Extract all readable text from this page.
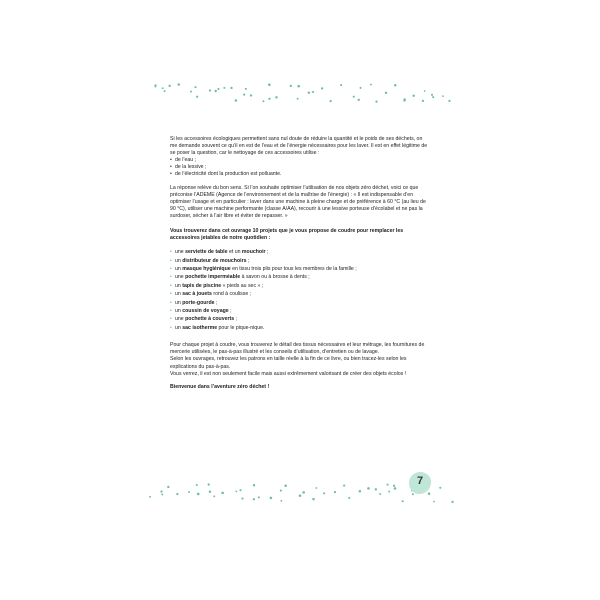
Si les accessoires écologiques permettent sans nul doute de réduire la quantité et le poids de ses déchets, on me demande souvent ce qu’il en est de l’eau et de l’énergie nécessaires pour les laver. Il est en effet légitime de se poser la question, car le nettoyage de ces accessoires utilise :

• de l’eau ;
• de la lessive ;
• de l’électricité dont la production est polluante.

La réponse relève du bon sens. Si l’on souhaite optimiser l’utilisation de nos objets zéro déchet, voici ce que préconise l’ADEME (Agence de l’environnement et de la maîtrise de l’énergie) : « Il est indispensable d’en optimiser l’usage et en particulier : laver dans une machine à pleine charge et de préférence à 60 °C (au lieu de 90 °C), utiliser une machine performante (classe A/AA), recourir à une lessive porteuse d’écolabel et ne pas la surdoser, sécher à l’air libre et éviter de repasser. »

Vous trouverez dans cet ouvrage 10 projets que je vous propose de coudre pour remplacer les accessoires jetables de notre quotidien :

• une serviette de table et un mouchoir ;
• un distributeur de mouchoirs ;
• un masque hygiénique en tissu trois plis pour tous les membres de la famille ;
• une pochette imperméable à savon ou à brosse à dents ;
• un tapis de piscine « pieds au sec » ;
• un sac à jouets rond à coulisse ;
• un porte-gourde ;
• un coussin de voyage ;
• une pochette à couverts ;
• un sac isotherme pour le pique-nique.

Pour chaque projet à coudre, vous trouverez le détail des tissus nécessaires et leur métrage, les fournitures de mercerie utilisées, le pas-à-pas illustré et les conseils d’utilisation, d’entretien ou de lavage.

Selon les ouvrages, retrouvez les patrons en taille réelle à la fin de ce livre, ou bien tracez-les selon les explications du pas-à-pas.

Vous verrez, il est non seulement facile mais aussi extrêmement valorisant de créer des objets écolos !

Bienvenue dans l’aventure zéro déchet !

7
